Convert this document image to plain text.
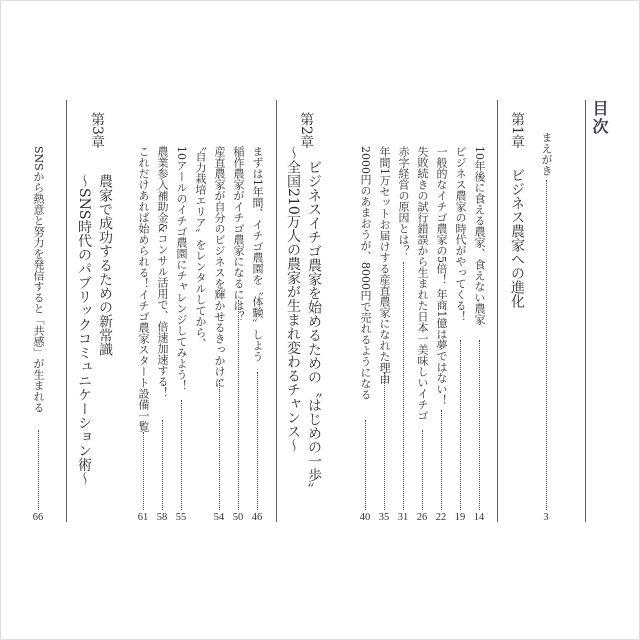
目次
まえがき
3
第1章
ビジネス農家への進化
10年後に食える農家、食えない農家
14
ビジネス農家の時代がやってくる！
19
一般的なイチゴ農家の5倍！ 年商1億は夢ではない！
22
失敗続きの試行錯誤から生まれた日本一美味しいイチゴ
26
赤字経営の原因とは？
31
年間1万セットお届けする産直農家になれた理由
35
2000円のあまおうが、8000円で売れるようになる
40
第2章
ビジネスイチゴ農家を始めるための〝はじめの一歩〟
～全国210万人の農家が生まれ変わるチャンス～
まずは1年間、イチゴ農園を〝体験〟しよう
46
稲作農家がイチゴ農家になるには？
50
産直農家が自分のビジネスを輝かせるきっかけに
54
〝自力栽培エリア〟をレンタルしてから、
10アールのイチゴ農園にチャレンジしてみよう！
55
農業参入補助金&コンサル活用で、倍速加速する！
58
これだけあれば始められる！イチゴ農家スタート設備一覧
61
第3章
農家で成功するための新常識
～SNS時代のパブリックコミュニケーション術～
SNSから熱意と努力を発信すると「共感」が生まれる
66
